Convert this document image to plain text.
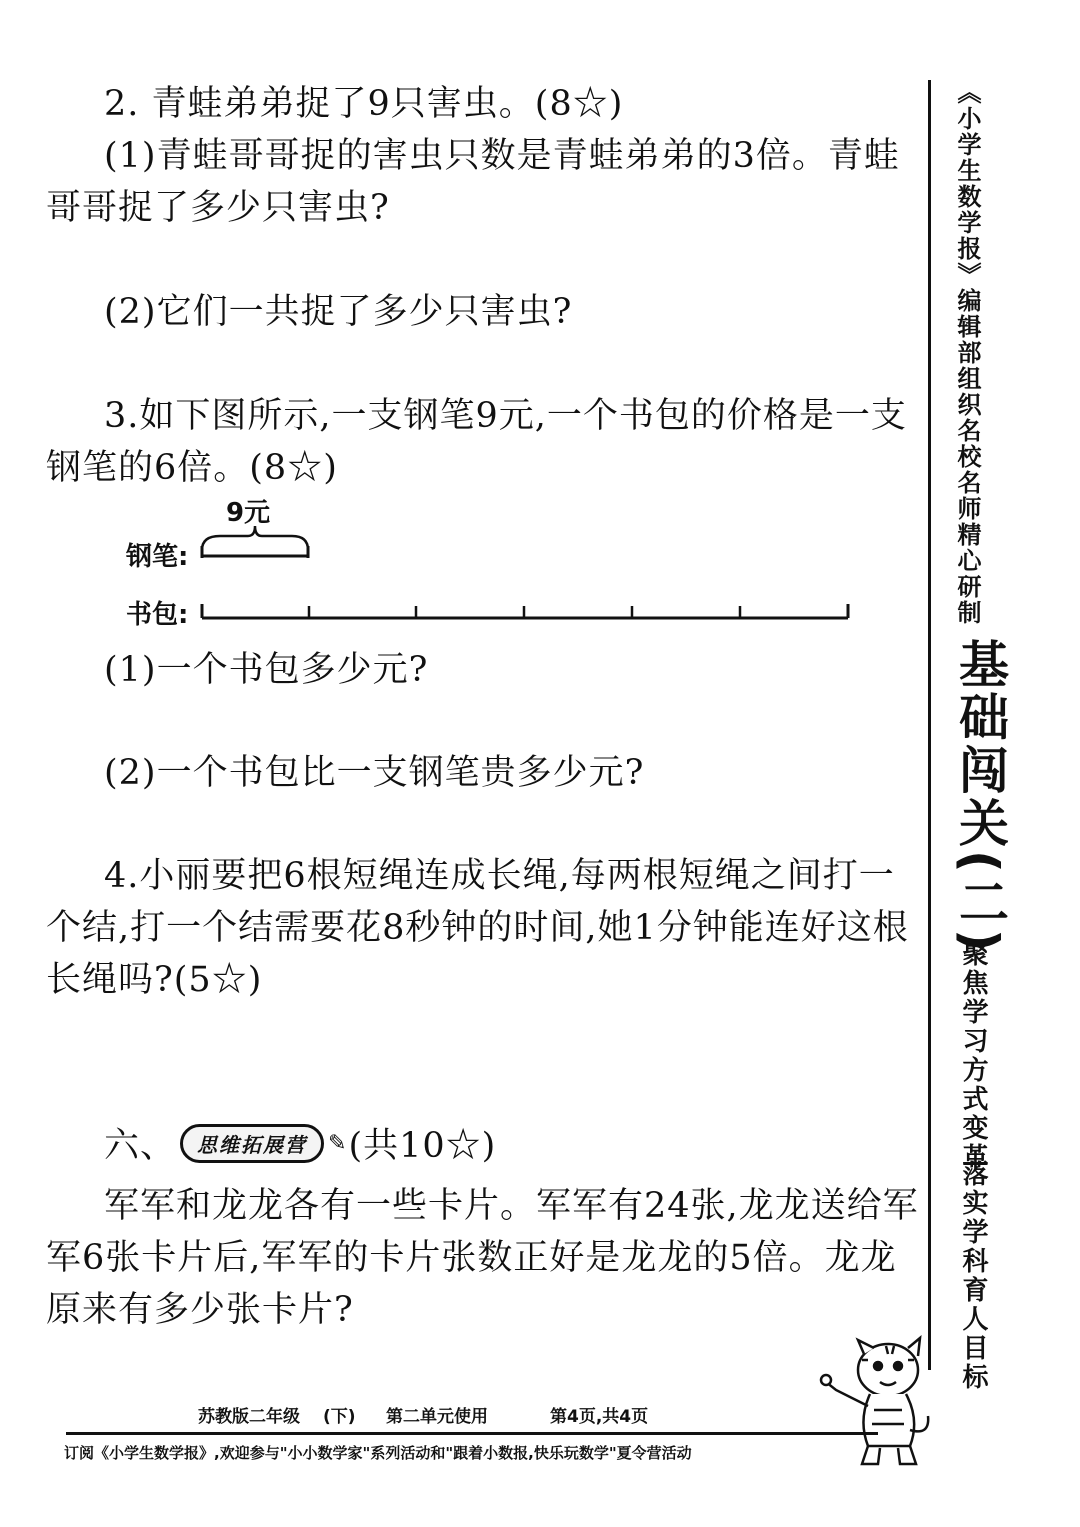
2. 青蛙弟弟捉了9只害虫。(8☆)
(1)青蛙哥哥捉的害虫只数是青蛙弟弟的3倍。青蛙
哥哥捉了多少只害虫?
(2)它们一共捉了多少只害虫?
3.如下图所示,一支钢笔9元,一个书包的价格是一支
钢笔的6倍。(8☆)
9元
钢笔:
书包:
(1)一个书包多少元?
(2)一个书包比一支钢笔贵多少元?
4.小丽要把6根短绳连成长绳,每两根短绳之间打一
个结,打一个结需要花8秒钟的时间,她1分钟能连好这根
长绳吗?(5☆)
六、	思维拓展营 ✎ (共10☆)
军军和龙龙各有一些卡片。军军有24张,龙龙送给军
军6张卡片后,军军的卡片张数正好是龙龙的5倍。龙龙
原来有多少张卡片?
《小学生数学报》编辑部组织名校名师精心研制
基础闯关(二)
聚焦学习方式变革
落实学科育人目标
苏教版二年级 (下) 第二单元使用	第4页,共4页
订阅《小学生数学报》,欢迎参与"小小数学家"系列活动和"跟着小数报,快乐玩数学"夏令营活动
